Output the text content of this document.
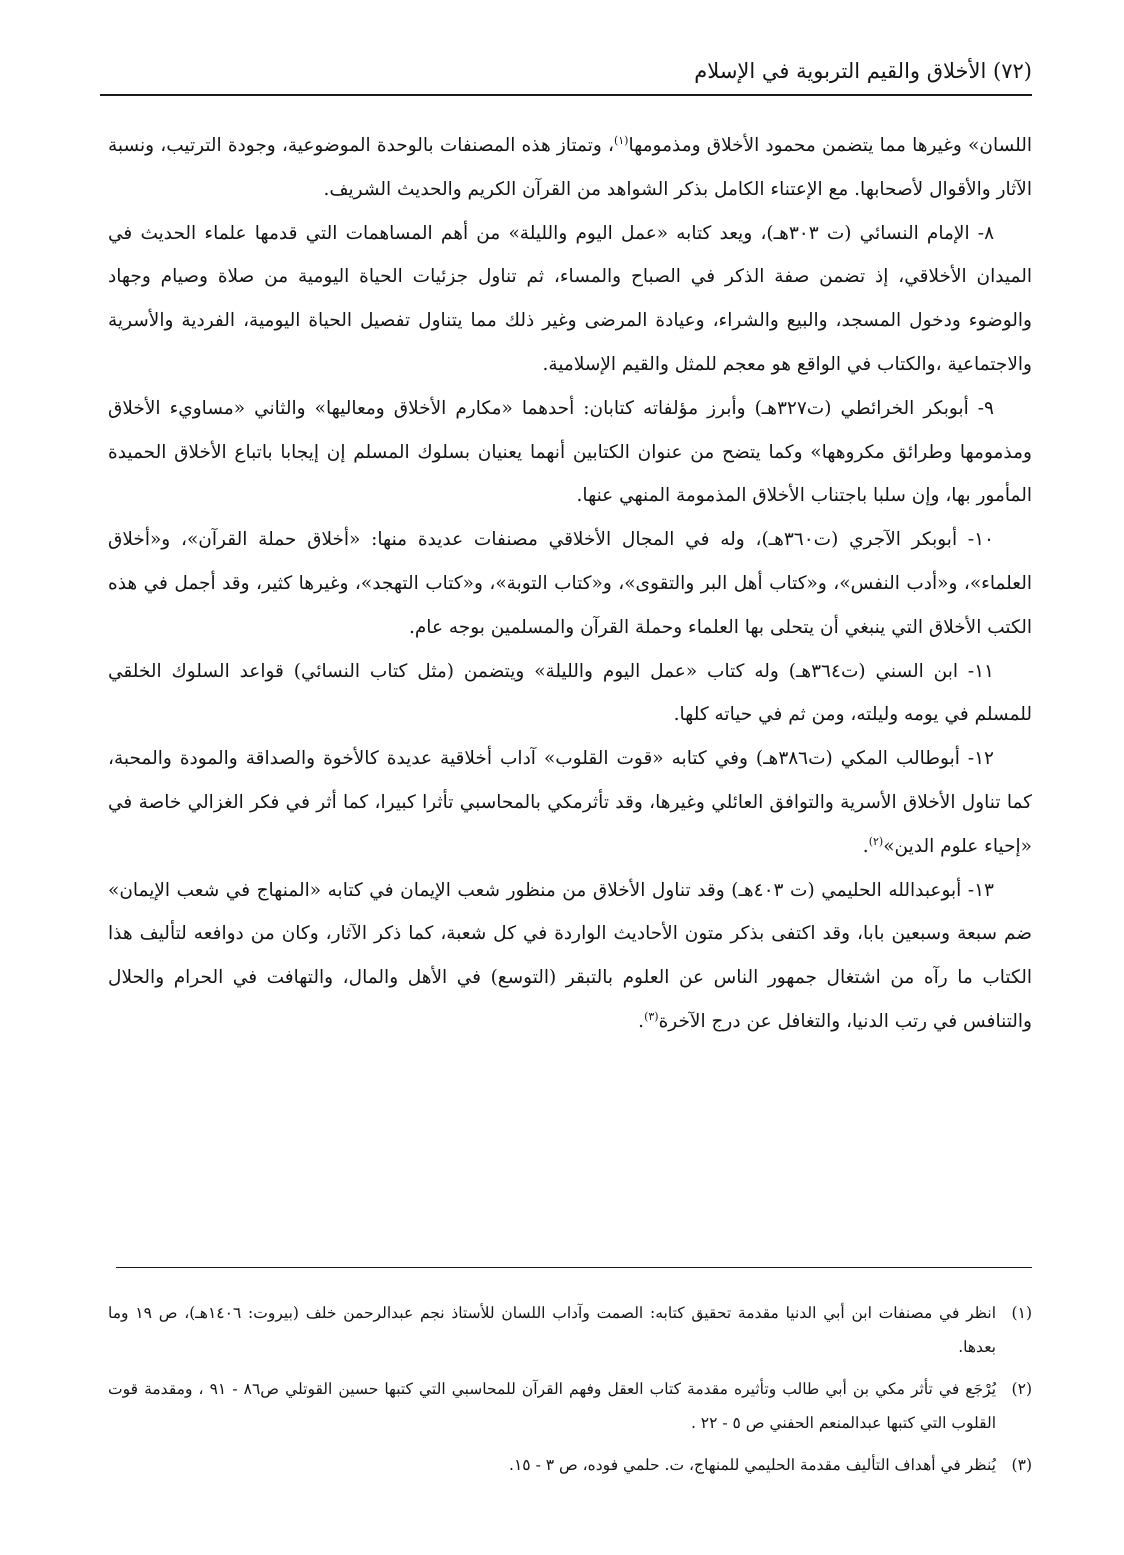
(٧٢) الأخلاق والقيم التربوية في الإسلام

اللسان» وغيرها مما يتضمن محمود الأخلاق ومذمومها$^{(١)}$، وتمتاز هذه المصنفات بالوحدة الموضوعية، وجودة الترتيب، ونسبة الآثار والأقوال لأصحابها. مع الإعتناء الكامل بذكر الشواهد من القرآن الكريم والحديث الشريف.

٨- الإمام النسائي (ت ٣٠٣هـ)، ويعد كتابه «عمل اليوم والليلة» من أهم المساهمات التي قدمها علماء الحديث في الميدان الأخلاقي، إذ تضمن صفة الذكر في الصباح والمساء، ثم تناول جزئيات الحياة اليومية من صلاة وصيام وجهاد والوضوء ودخول المسجد، والبيع والشراء، وعيادة المرضى وغير ذلك مما يتناول تفصيل الحياة اليومية، الفردية والأسرية والاجتماعية ،والكتاب في الواقع هو معجم للمثل والقيم الإسلامية.

٩- أبوبكر الخرائطي (ت٣٢٧هـ) وأبرز مؤلفاته كتابان: أحدهما «مكارم الأخلاق ومعاليها» والثاني «مساويء الأخلاق ومذمومها وطرائق مكروهها» وكما يتضح من عنوان الكتابين أنهما يعنيان بسلوك المسلم إن إيجابا باتباع الأخلاق الحميدة المأمور بها، وإن سلبا باجتناب الأخلاق المذمومة المنهي عنها.

١٠- أبوبكر الآجري (ت٣٦٠هـ)، وله في المجال الأخلاقي مصنفات عديدة منها: «أخلاق حملة القرآن»، و«أخلاق العلماء»، و«أدب النفس»، و«كتاب أهل البر والتقوى»، و«كتاب التوبة»، و«كتاب التهجد»، وغيرها كثير، وقد أجمل في هذه الكتب الأخلاق التي ينبغي أن يتحلى بها العلماء وحملة القرآن والمسلمين بوجه عام.

١١- ابن السني (ت٣٦٤هـ) وله كتاب «عمل اليوم والليلة» ويتضمن (مثل كتاب النسائي) قواعد السلوك الخلقي للمسلم في يومه وليلته، ومن ثم في حياته كلها.

١٢- أبوطالب المكي (ت٣٨٦هـ) وفي كتابه «قوت القلوب» آداب أخلاقية عديدة كالأخوة والصداقة والمودة والمحبة، كما تناول الأخلاق الأسرية والتوافق العائلي وغيرها، وقد تأثرمكي بالمحاسبي تأثرا كبيرا، كما أثر في فكر الغزالي خاصة في «إحياء علوم الدين»$^{(٢)}$.

١٣- أبوعبدالله الحليمي (ت ٤٠٣هـ) وقد تناول الأخلاق من منظور شعب الإيمان في كتابه «المنهاج في شعب الإيمان» ضم سبعة وسبعين بابا، وقد اكتفى بذكر متون الأحاديث الواردة في كل شعبة، كما ذكر الآثار، وكان من دوافعه لتأليف هذا الكتاب ما رآه من اشتغال جمهور الناس عن العلوم بالتبقر (التوسع) في الأهل والمال، والتهافت في الحرام والحلال والتنافس في رتب الدنيا، والتغافل عن درج الآخرة$^{(٣)}$.

(١)
انظر في مصنفات ابن أبي الدنيا مقدمة تحقيق كتابه: الصمت وآداب اللسان للأستاذ نجم عبدالرحمن خلف (بيروت: ١٤٠٦هـ)، ص ١٩ وما بعدها.

(٢)
يُرْجَع في تأثر مكي بن أبي طالب وتأثيره مقدمة كتاب العقل وفهم القرآن للمحاسبي التي كتبها حسين القوتلي ص٨٦ - ٩١ ، ومقدمة قوت القلوب التي كتبها عبدالمنعم الحفني ص ٥ - ٢٢ .

(٣)
يُنظر في أهداف التأليف مقدمة الحليمي للمنهاج، ت. حلمي فوده، ص ٣ - ١٥.
